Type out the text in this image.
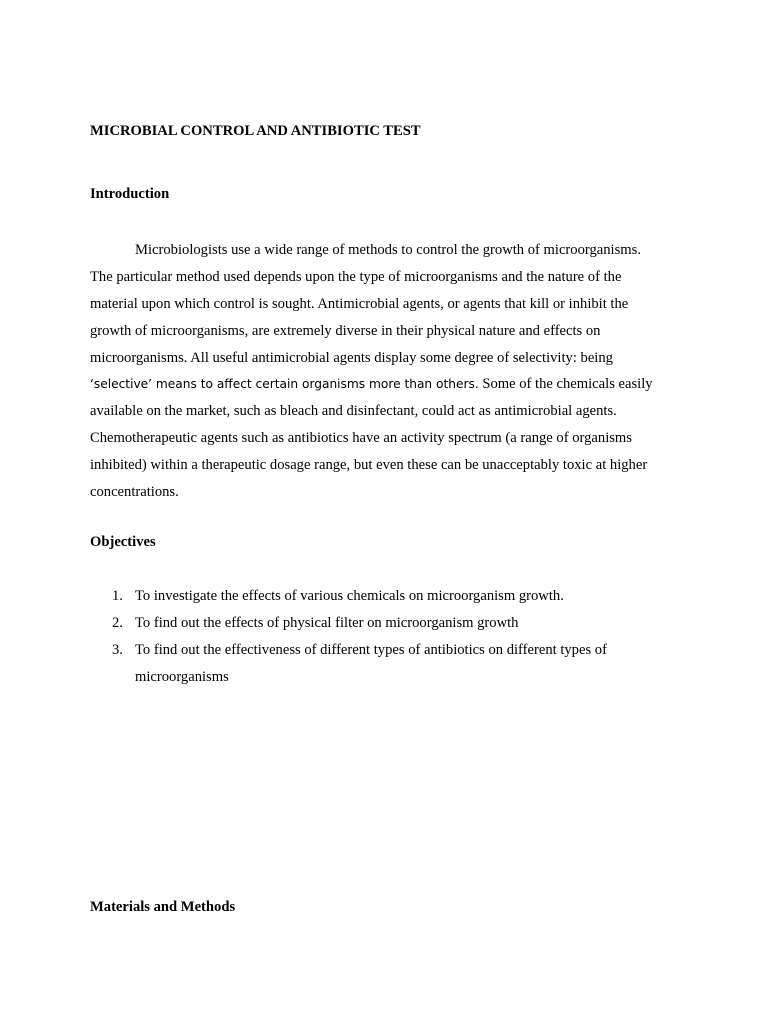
MICROBIAL CONTROL AND ANTIBIOTIC TEST
Introduction

Microbiologists use a wide range of methods to control the growth of microorganisms.
The particular method used depends upon the type of microorganisms and the nature of the
material upon which control is sought. Antimicrobial agents, or agents that kill or inhibit the
growth of microorganisms, are extremely diverse in their physical nature and effects on
microorganisms. All useful antimicrobial agents display some degree of selectivity: being
‘selective’ means to affect certain organisms more than others. Some of the chemicals easily
available on the market, such as bleach and disinfectant, could act as antimicrobial agents.
Chemotherapeutic agents such as antibiotics have an activity spectrum (a range of organisms
inhibited) within a therapeutic dosage range, but even these can be unacceptably toxic at higher
concentrations.

Objectives
1. To investigate the effects of various chemicals on microorganism growth.
2. To find out the effects of physical filter on microorganism growth
3. To find out the effectiveness of different types of antibiotics on different types of
microorganisms
Materials and Methods
